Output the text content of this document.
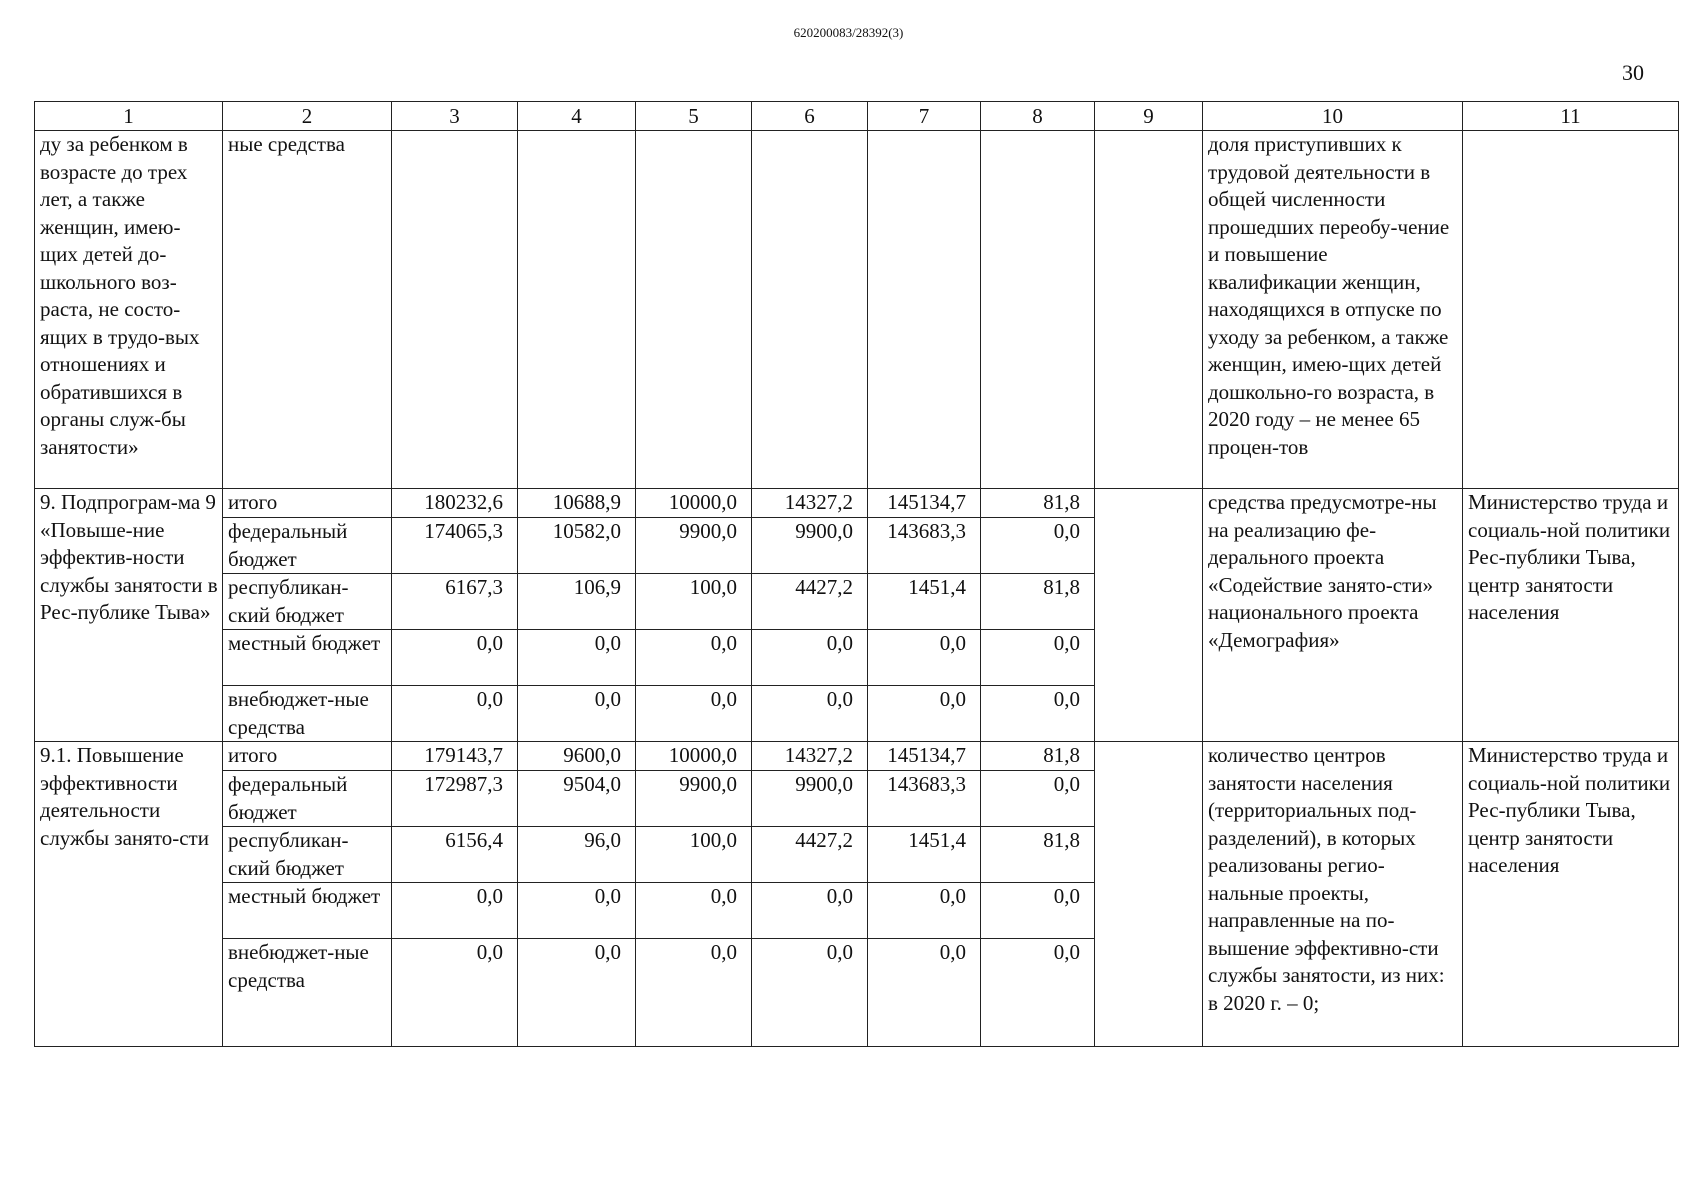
620200083/28392(3)
30
1	2	3	4	5	6	7	8	9	10	11
ду за ребенком в возрасте до трех лет, а также женщин, имею-щих детей до-школьного воз-раста, не состо-ящих в трудо-вых отношениях и обратившихся в органы служ-бы занятости»	ные средства								доля приступивших к трудовой деятельности в общей численности прошедших переобу-чение и повышение квалификации женщин, находящихся в отпуске по уходу за ребенком, а также женщин, имею-щих детей дошкольно-го возраста, в 2020 году – не менее 65 процен-тов	
9. Подпрограм-ма 9 «Повыше-ние эффектив-ности службы занятости в Рес-публике Тыва»	итого	180232,6	10688,9	10000,0	14327,2	145134,7	81,8		средства предусмотре-ны на реализацию фе-дерального проекта «Содействие занято-сти» национального проекта «Демография»	Министерство труда и социаль-ной политики Рес-публики Тыва, центр занятости населения
	федеральный бюджет	174065,3	10582,0	9900,0	9900,0	143683,3	0,0			
	республикан-ский бюджет	6167,3	106,9	100,0	4427,2	1451,4	81,8			
	местный бюджет	0,0	0,0	0,0	0,0	0,0	0,0			
	внебюджет-ные средства	0,0	0,0	0,0	0,0	0,0	0,0			
9.1. Повышение эффективности деятельности службы занято-сти	итого	179143,7	9600,0	10000,0	14327,2	145134,7	81,8		количество центров занятости населения (территориальных под-разделений), в которых реализованы регио-нальные проекты, направленные на по-вышение эффективно-сти службы занятости, из них: в 2020 г. – 0;	Министерство труда и социаль-ной политики Рес-публики Тыва, центр занятости населения
	федеральный бюджет	172987,3	9504,0	9900,0	9900,0	143683,3	0,0			
	республикан-ский бюджет	6156,4	96,0	100,0	4427,2	1451,4	81,8			
	местный бюджет	0,0	0,0	0,0	0,0	0,0	0,0			
	внебюджет-ные средства	0,0	0,0	0,0	0,0	0,0	0,0			
